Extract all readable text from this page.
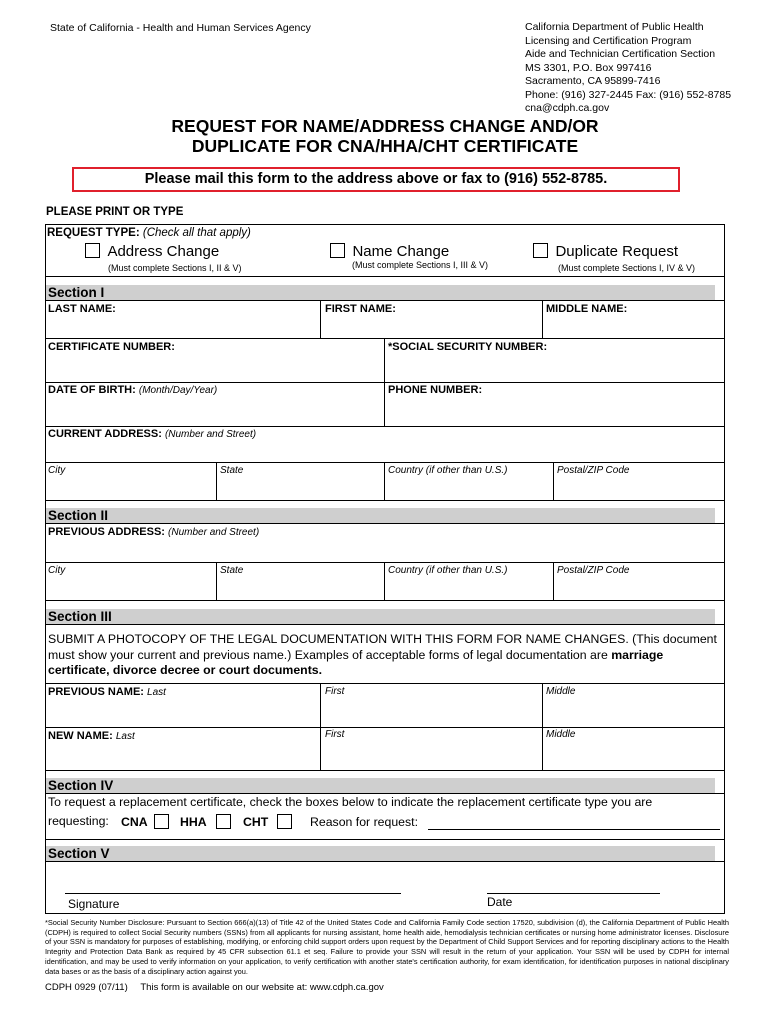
State of California - Health and Human Services Agency	California Department of Public Health
Licensing and Certification Program
Aide and Technician Certification Section
MS 3301, P.O. Box 997416
Sacramento, CA 95899-7416
Phone: (916) 327-2445 Fax: (916) 552-8785
cna@cdph.ca.gov
REQUEST FOR NAME/ADDRESS CHANGE AND/OR
DUPLICATE FOR CNA/HHA/CHT CERTIFICATE
Please mail this form to the address above or fax to (916) 552-8785.
PLEASE PRINT OR TYPE
REQUEST TYPE: (Check all that apply)
Address Change
(Must complete Sections I, II & V)
Name Change
(Must complete Sections I, III & V)
Duplicate Request
(Must complete Sections I, IV & V)
Section I
LAST NAME:	FIRST NAME:	MIDDLE NAME:
CERTIFICATE NUMBER:	*SOCIAL SECURITY NUMBER:
DATE OF BIRTH: (Month/Day/Year)	PHONE NUMBER:
CURRENT ADDRESS: (Number and Street)
City	State	Country (if other than U.S.)	Postal/ZIP Code
Section II
PREVIOUS ADDRESS: (Number and Street)
City	State	Country (if other than U.S.)	Postal/ZIP Code
Section III
SUBMIT A PHOTOCOPY OF THE LEGAL DOCUMENTATION WITH THIS FORM FOR NAME CHANGES. (This document must show your current and previous name.) Examples of acceptable forms of legal documentation are marriage certificate, divorce decree or court documents.
PREVIOUS NAME: Last	First	Middle
NEW NAME: Last	First	Middle
Section IV
To request a replacement certificate, check the boxes below to indicate the replacement certificate type you are
requesting: CNA	HHA	CHT	Reason for request:
Section V
Signature	Date
*Social Security Number Disclosure: Pursuant to Section 666(a)(13) of Title 42 of the United States Code and California Family Code section 17520, subdivision (d), the California Department of Public Health (CDPH) is required to collect Social Security numbers (SSNs) from all applicants for nursing assistant, home health aide, hemodialysis technician certificates or nursing home administrator licenses. Disclosure of your SSN is mandatory for purposes of establishing, modifying, or enforcing child support orders upon request by the Department of Child Support Services and for reporting disciplinary actions to the Health Integrity and Protection Data Bank as required by 45 CFR subsection 61.1 et seq. Failure to provide your SSN will result in the return of your application. Your SSN will be used by CDPH for internal identification, and may be used to verify information on your application, to verify certification with another state's certification authority, for exam identification, for identification purposes in national disciplinary data bases or as the basis of a disciplinary action against you.
CDPH 0929 (07/11) This form is available on our website at: www.cdph.ca.gov
